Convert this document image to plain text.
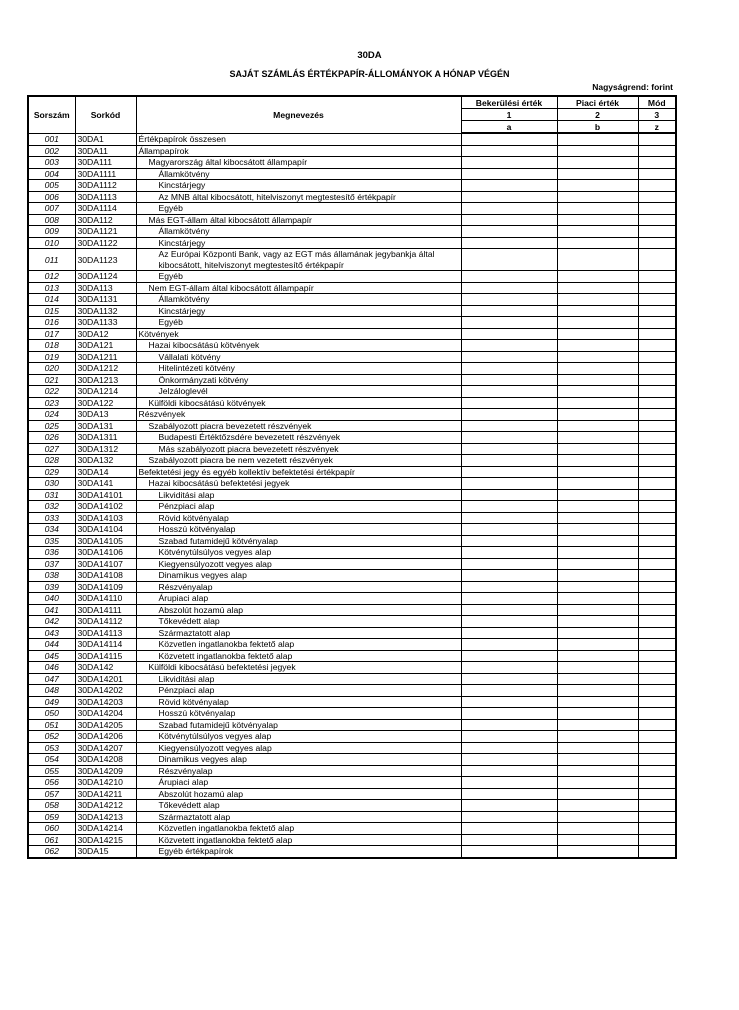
30DA
SAJÁT SZÁMLÁS ÉRTÉKPAPÍR-ÁLLOMÁNYOK A HÓNAP VÉGÉN
Nagyságrend: forint
Sorszám	Sorkód	Megnevezés	Bekerülési érték	Piaci érték	Mód
			1	2	3
			a	b	z
001	30DA1	Értékpapírok összesen			
002	30DA11	Állampapírok			
003	30DA111	Magyarország által kibocsátott állampapír			
004	30DA1111	Államkötvény			
005	30DA1112	Kincstárjegy			
006	30DA1113	Az MNB által kibocsátott, hitelviszonyt megtestesítő értékpapír			
007	30DA1114	Egyéb			
008	30DA112	Más EGT-állam által kibocsátott állampapír			
009	30DA1121	Államkötvény			
010	30DA1122	Kincstárjegy			
011	30DA1123	Az Európai Központi Bank, vagy az EGT más államának jegybankja által kibocsátott, hitelviszonyt megtestesítő értékpapír			
012	30DA1124	Egyéb			
013	30DA113	Nem EGT-állam által kibocsátott állampapír			
014	30DA1131	Államkötvény			
015	30DA1132	Kincstárjegy			
016	30DA1133	Egyéb			
017	30DA12	Kötvények			
018	30DA121	Hazai kibocsátású kötvények			
019	30DA1211	Vállalati kötvény			
020	30DA1212	Hitelintézeti kötvény			
021	30DA1213	Önkormányzati kötvény			
022	30DA1214	Jelzáloglevél			
023	30DA122	Külföldi kibocsátású kötvények			
024	30DA13	Részvények			
025	30DA131	Szabályozott piacra bevezetett részvények			
026	30DA1311	Budapesti Értéktőzsdére bevezetett részvények			
027	30DA1312	Más szabályozott piacra bevezetett részvények			
028	30DA132	Szabályozott piacra be nem vezetett részvények			
029	30DA14	Befektetési jegy és egyéb kollektív befektetési értékpapír			
030	30DA141	Hazai kibocsátású befektetési jegyek			
031	30DA14101	Likviditási alap			
032	30DA14102	Pénzpiaci alap			
033	30DA14103	Rövid kötvényalap			
034	30DA14104	Hosszú kötvényalap			
035	30DA14105	Szabad futamidejű kötvényalap			
036	30DA14106	Kötvénytúlsúlyos vegyes alap			
037	30DA14107	Kiegyensúlyozott vegyes alap			
038	30DA14108	Dinamikus vegyes alap			
039	30DA14109	Részvényalap			
040	30DA14110	Árupiaci alap			
041	30DA14111	Abszolút hozamú alap			
042	30DA14112	Tőkevédett alap			
043	30DA14113	Származtatott alap			
044	30DA14114	Közvetlen ingatlanokba fektető alap			
045	30DA14115	Közvetett ingatlanokba fektető alap			
046	30DA142	Külföldi kibocsátású befektetési jegyek			
047	30DA14201	Likviditási alap			
048	30DA14202	Pénzpiaci alap			
049	30DA14203	Rövid kötvényalap			
050	30DA14204	Hosszú kötvényalap			
051	30DA14205	Szabad futamidejű kötvényalap			
052	30DA14206	Kötvénytúlsúlyos vegyes alap			
053	30DA14207	Kiegyensúlyozott vegyes alap			
054	30DA14208	Dinamikus vegyes alap			
055	30DA14209	Részvényalap			
056	30DA14210	Árupiaci alap			
057	30DA14211	Abszolút hozamú alap			
058	30DA14212	Tőkevédett alap			
059	30DA14213	Származtatott alap			
060	30DA14214	Közvetlen ingatlanokba fektető alap			
061	30DA14215	Közvetett ingatlanokba fektető alap			
062	30DA15	Egyéb értékpapírok			
